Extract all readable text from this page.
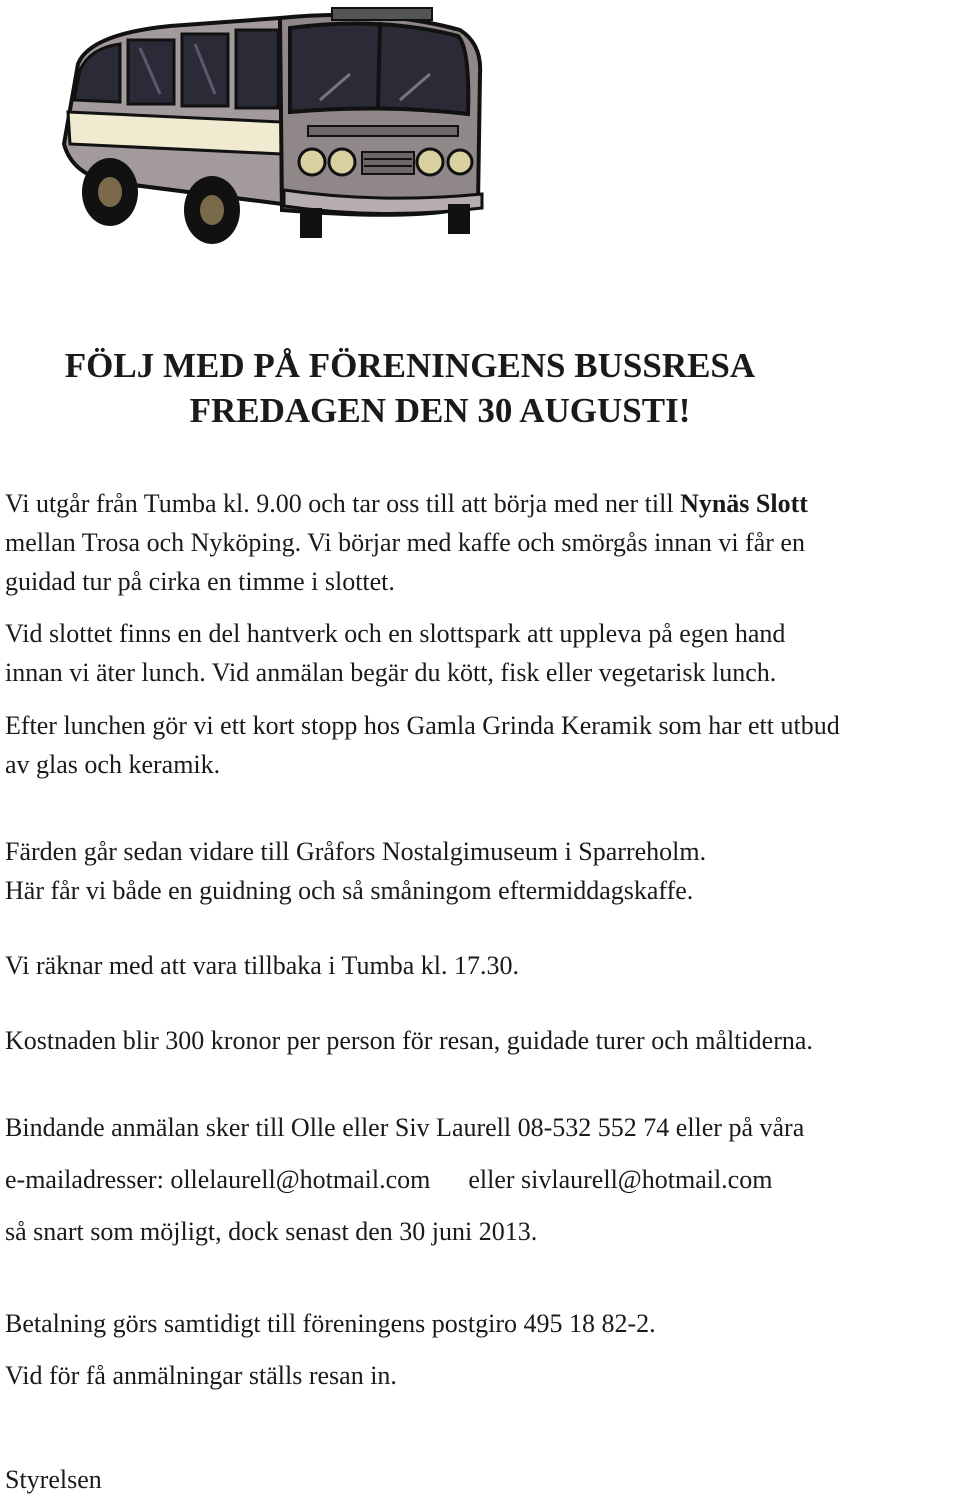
FÖLJ MED PÅ FÖRENINGENS BUSSRESA
FREDAGEN DEN 30 AUGUSTI!

Vi utgår från Tumba kl. 9.00 och tar oss till att börja med ner till Nynäs Slott

mellan Trosa och Nyköping. Vi börjar med kaffe och smörgås innan vi får en

guidad tur på cirka en timme i slottet.

Vid slottet finns en del hantverk och en slottspark att uppleva på egen hand

innan vi äter lunch. Vid anmälan begär du kött, fisk eller vegetarisk lunch.

Efter lunchen gör vi ett kort stopp hos Gamla Grinda Keramik som har ett utbud

av glas och keramik.

Färden går sedan vidare till Gråfors Nostalgimuseum i Sparreholm.

Här får vi både en guidning och så småningom eftermiddagskaffe.

Vi räknar med att vara tillbaka i Tumba kl. 17.30.

Kostnaden blir 300 kronor per person för resan, guidade turer och måltiderna.

Bindande anmälan sker till Olle eller Siv Laurell 08-532 552 74 eller på våra

e-mailadresser: ollelaurell@hotmail.com eller sivlaurell@hotmail.com

så snart som möjligt, dock senast den 30 juni 2013.

Betalning görs samtidigt till föreningens postgiro 495 18 82-2.

Vid för få anmälningar ställs resan in.

Styrelsen
